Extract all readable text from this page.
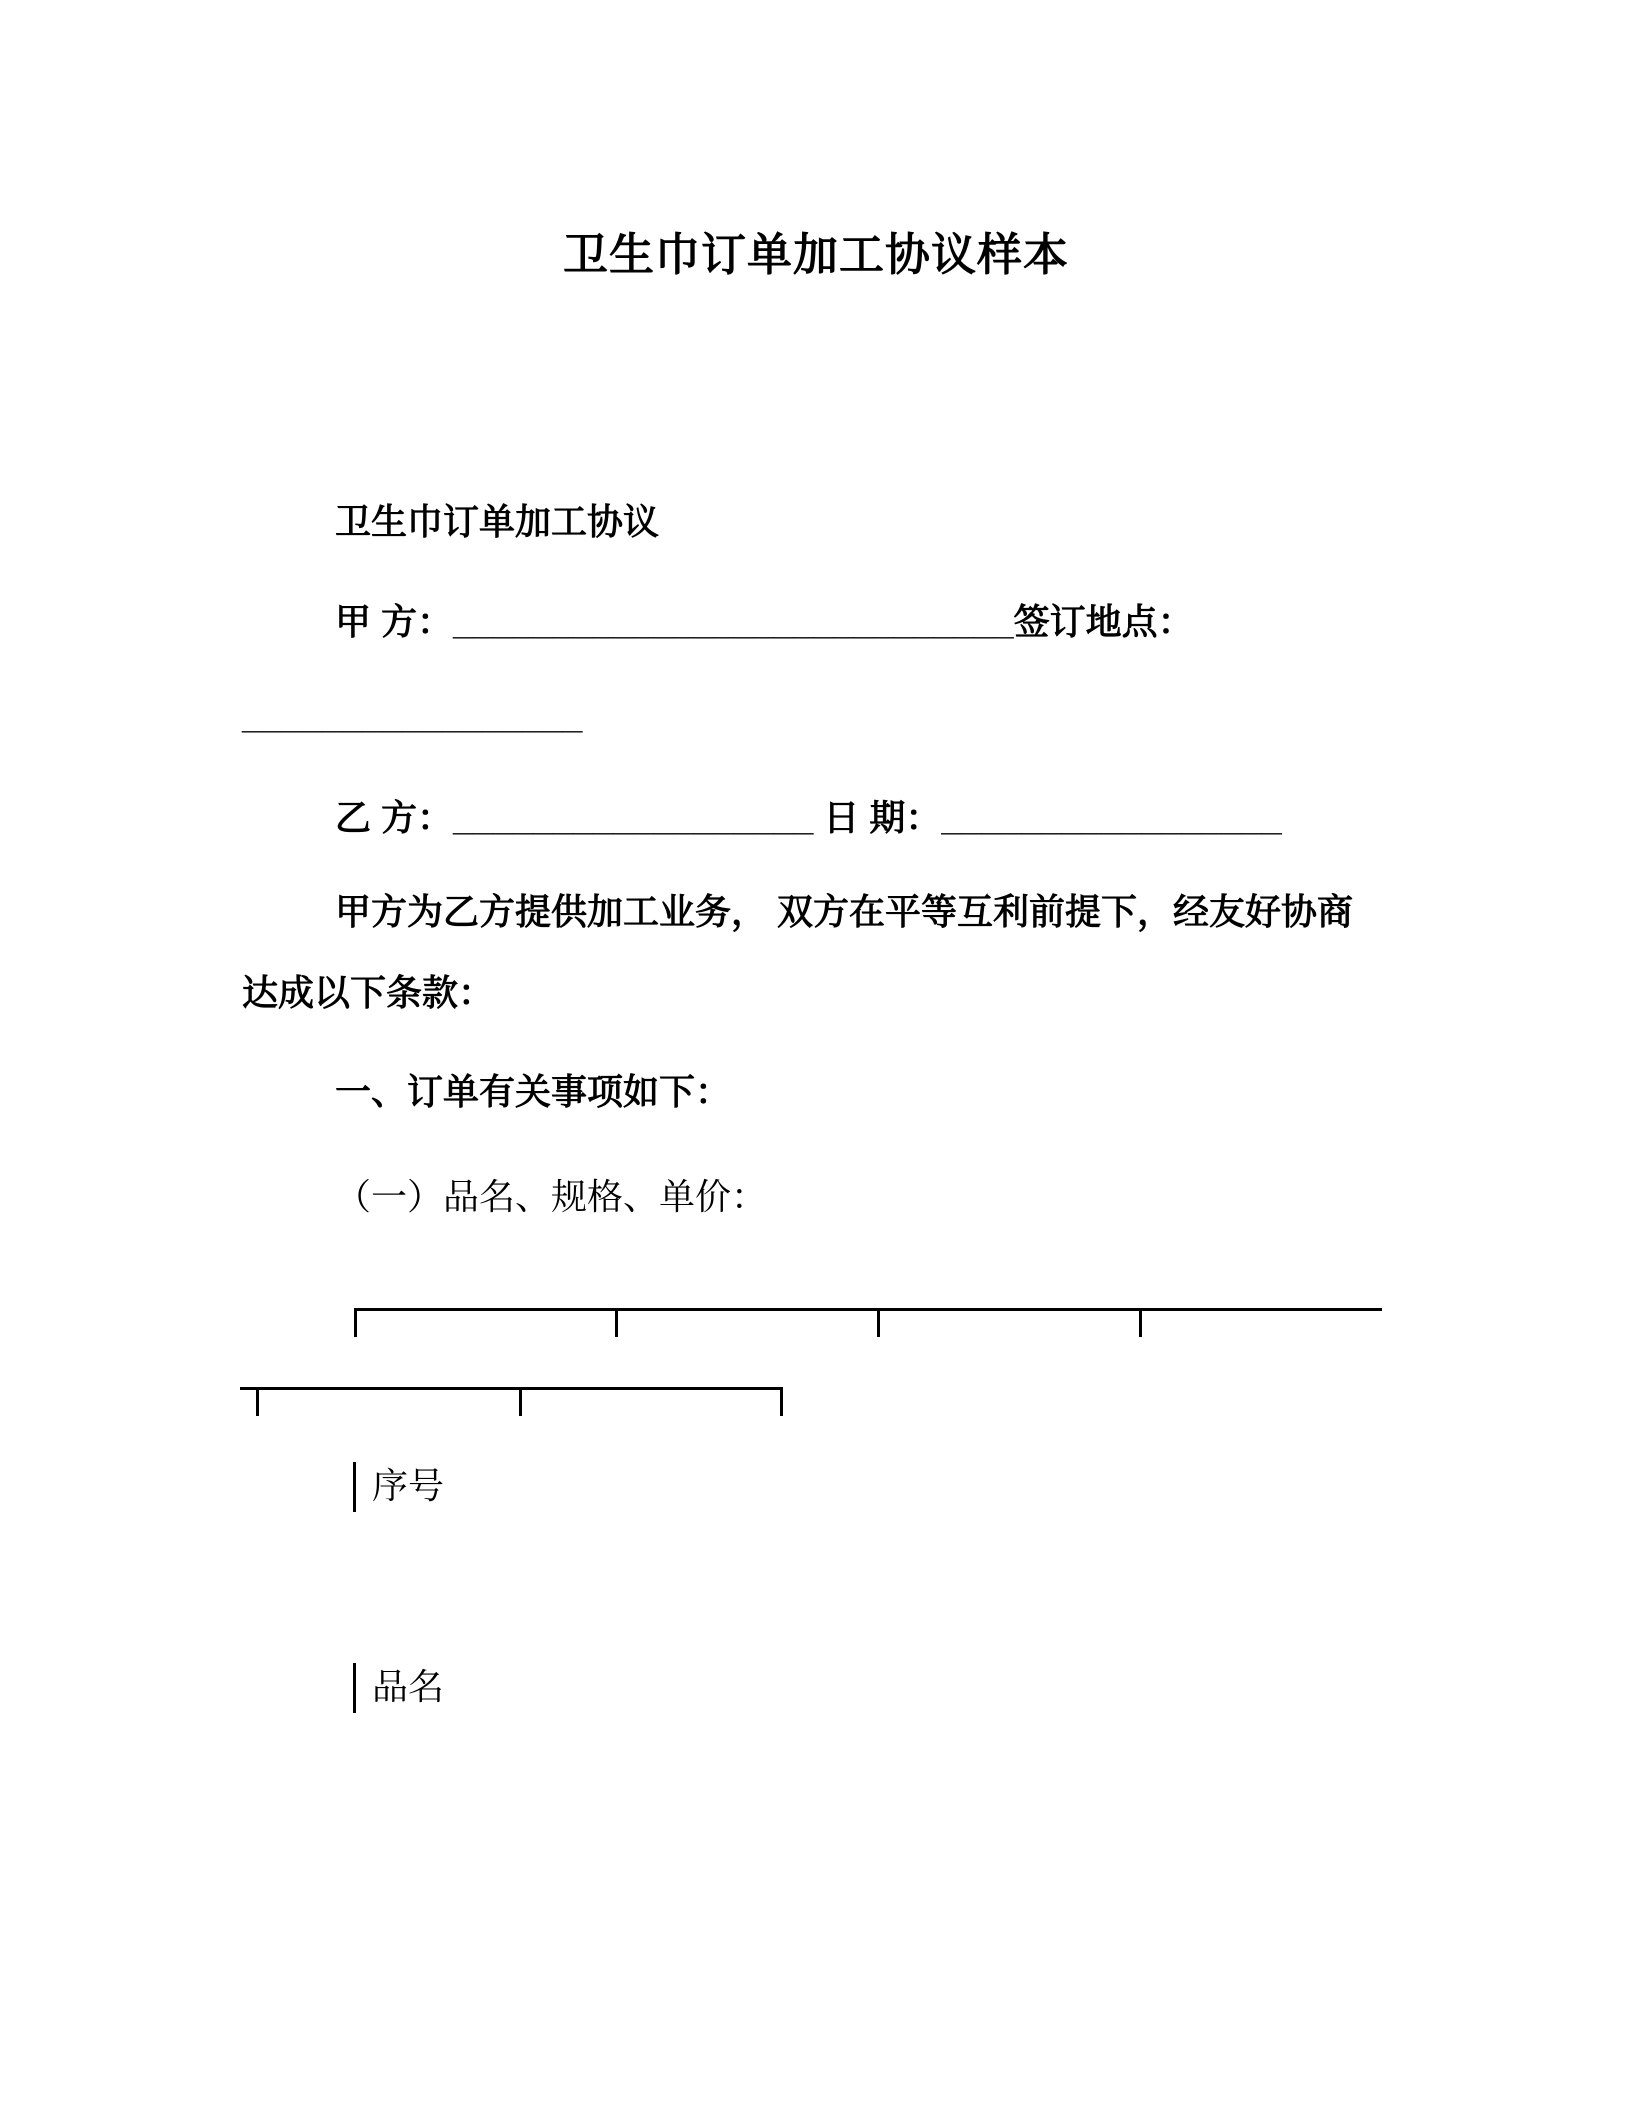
卫生巾订单加工协议样本
卫生巾订单加工协议
甲 方：____________________________签订地点：
_________________
乙 方：__________________ 日 期：_________________
甲方为乙方提供加工业务， 双方在平等互利前提下，经友好协商
达成以下条款：
一、订单有关事项如下：
（一）品名、规格、单价：
序号
品名
